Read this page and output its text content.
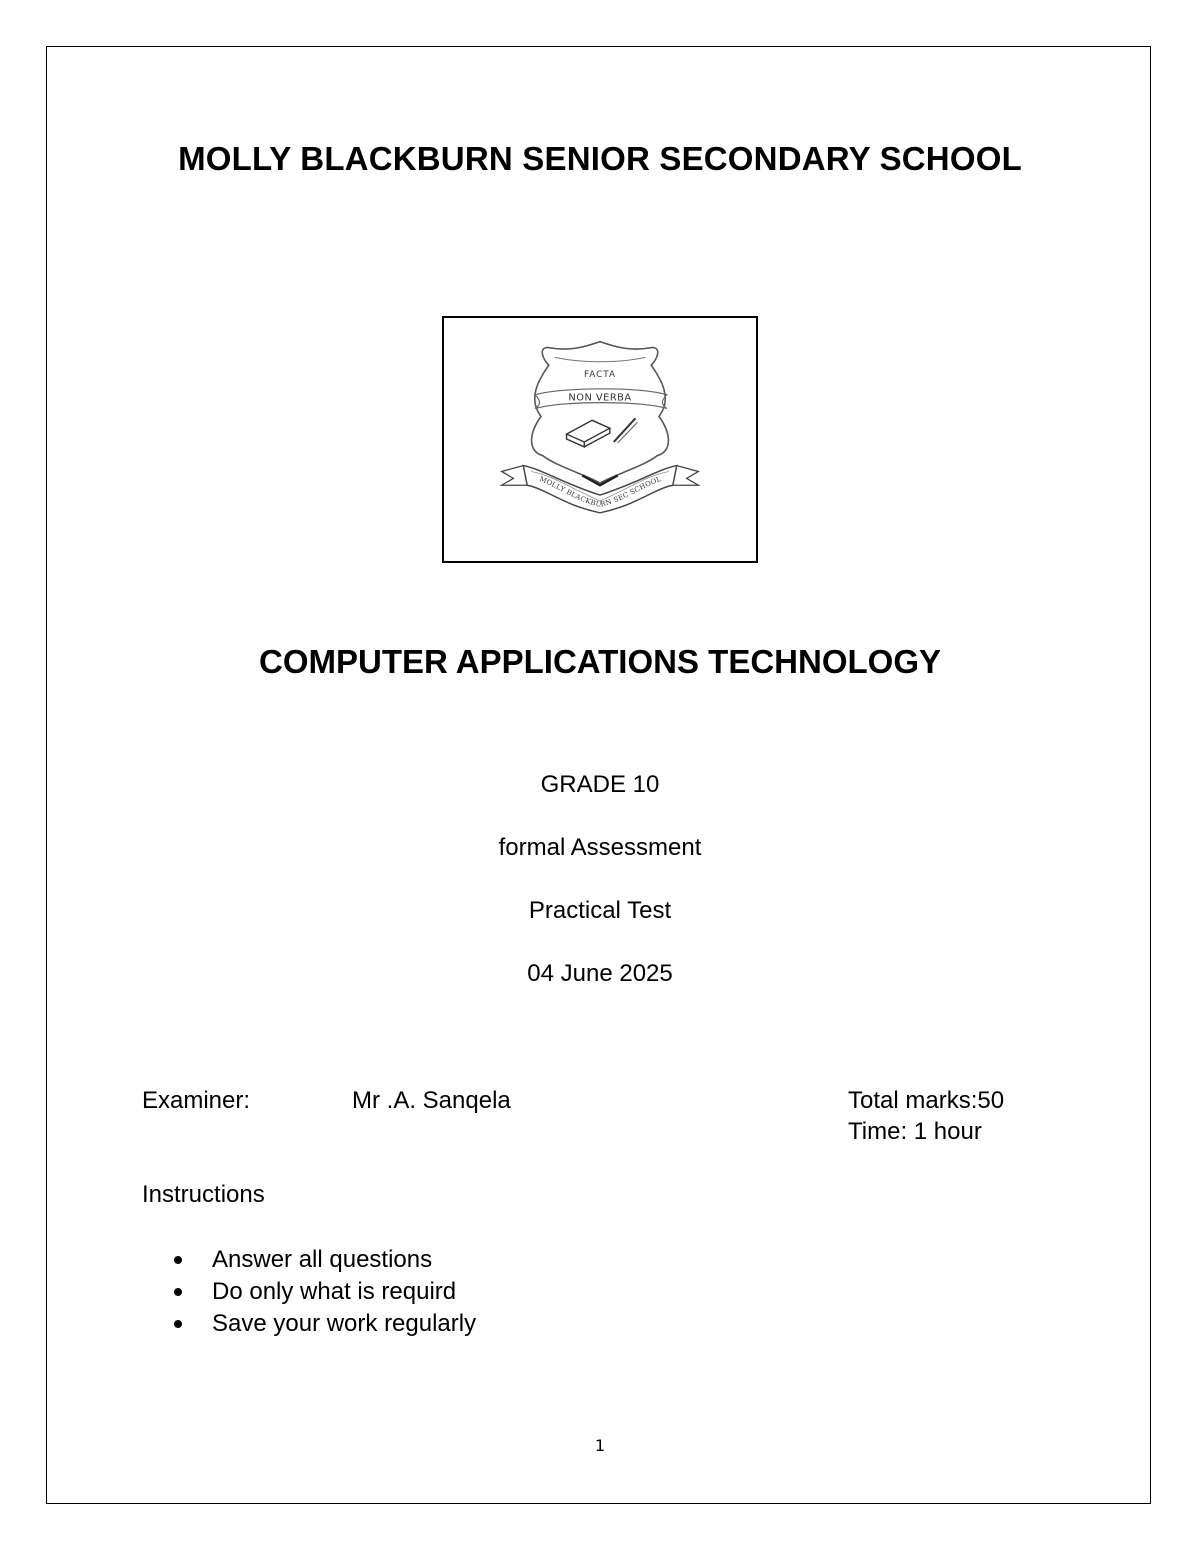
MOLLY BLACKBURN SENIOR SECONDARY SCHOOL
FACTA
NON VERBA
MOLLY BLACKBURN SEC SCHOOL
COMPUTER APPLICATIONS TECHNOLOGY
GRADE 10
formal Assessment
Practical Test
04 June 2025
Examiner:	Mr .A. Sanqela	Total marks:50
Time: 1 hour
Instructions
Answer all questions
Do only what is requird
Save your work regularly
1
